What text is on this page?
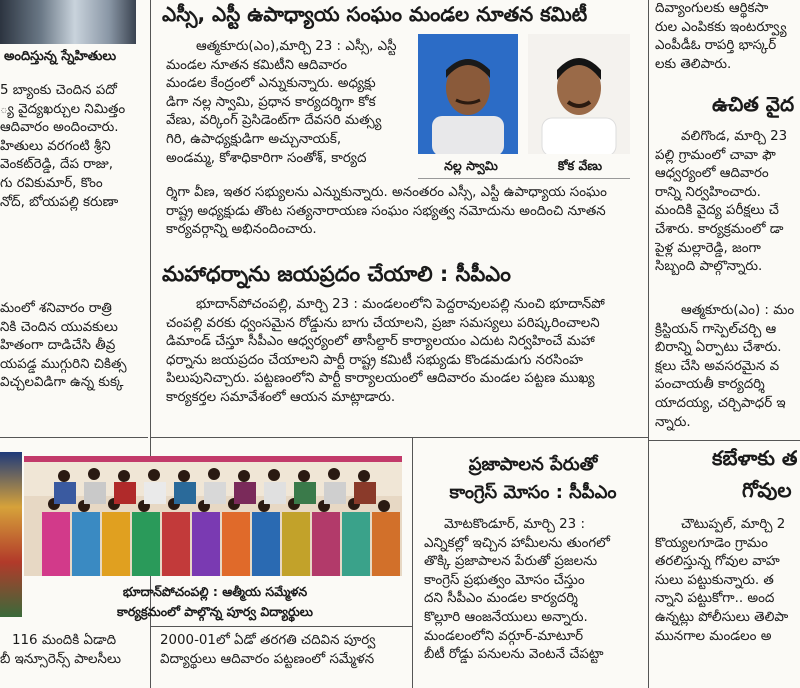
అందిస్తున్న స్నేహితులు

5 బ్యాంకు చెందిన పదో

్య వైద్యఖర్చుల నిమిత్తం

ఆదివారం అందించారు.

హితులు వరగంటి శ్రీని

వెంకట్‌రెడ్డి, దేప రాజు,

గు రవికుమార్, కొంం

నోద్, బోయపల్లి కరుణా

మంలో శనివారం రాత్రి

నికి చెందిన యువకులు

హితంగా దాడిచేసి తీవ్ర

యపడ్డ ముగ్గురిని చికిత్స

విచ్చలవిడిగా ఉన్న కుక్క

116 మందికి ఏడాది

బీ ఇన్సూరెన్స్ పాలసీలు

ఎస్సీ, ఎస్టీ ఉపాధ్యాయ సంఘం మండల నూతన కమిటీ

ఆత్మకూరు(ఎం),మార్చి 23 : ఎస్సీ, ఎస్టీ

మండల నూతన కమిటీని ఆదివారం

మండల కేంద్రంలో ఎన్నుకున్నారు. అధ్యక్షు

డిగా నల్ల స్వామి, ప్రధాన కార్యదర్శిగా కోక

వేణు, వర్కింగ్ ప్రెసిడెంట్‌గా దేవసరి మత్స్య

గిరి, ఉపాధ్యక్షుడిగా అచ్చునాయక్,

అండమ్మ, కోశాధికారిగా సంతోశ్, కార్యద	నల్ల స్వామి	కోక వేణు

ర్శిగా వీణ, ఇతర సభ్యులను ఎన్నుకున్నారు. అనంతరం ఎస్సీ, ఎస్టీ ఉపాధ్యాయ సంఘం

రాష్ట్ర అధ్యక్షుడు తొంట సత్యనారాయణ సంఘం సభ్యత్వ నమోదును అందించి నూతన

కార్యవర్గాన్ని అభినందించారు.

మహాధర్నాను జయప్రదం చేయాలి : సీపీఎం

భూదాన్‌పోచంపల్లి, మార్చి 23 : మండలంలోని పెద్దరావులపల్లి నుంచి భూదాన్‌పో

చంపల్లి వరకు ధ్వంసమైన రోడ్డును బాగు చేయాలని, ప్రజా సమస్యలు పరిష్కరించాలని

డిమాండ్ చేస్తూ సీపీఎం ఆధ్వర్యంలో తాసీల్దార్ కార్యాలయం ఎదుట నిర్వహించే మహా

ధర్నాను జయప్రదం చేయాలని పార్టీ రాష్ట్ర కమిటీ సభ్యుడు కొండమడుగు నరసింహ

పిలుపునిచ్చారు. పట్టణంలోని పార్టీ కార్యాలయంలో ఆదివారం మండల పట్టణ ముఖ్య

కార్యకర్తల సమావేశంలో ఆయన మాట్లాడారు.

భూదాన్‌పోచంపల్లి : ఆత్మీయ సమ్మేళన
కార్యక్రమంలో పాల్గొన్న పూర్వ విద్యార్థులు

2000-01లో ఏడో తరగతి చదివిన పూర్వ

విద్యార్థులు ఆదివారం పట్టణంలో సమ్మేళన

ప్రజాపాలన పేరుతో
కాంగ్రెస్ మోసం : సీపీఎం

మోటకొండూర్, మార్చి 23 :

ఎన్నికల్లో ఇచ్చిన హామీలను తుంగలో

తొక్కి ప్రజాపాలన పేరుతో ప్రజలను

కాంగ్రెస్ ప్రభుత్వం మోసం చేస్తుం

దని సీపీఎం మండల కార్యదర్శి

కొల్లూరి ఆంజనేయులు అన్నారు.

మండలంలోని వర్గూర్-మాటూర్

బీటీ రోడ్డు పనులను వెంటనే చేపట్టా

దివ్యాంగులకు ఆర్థికసా

రుల ఎంపికకు ఇంటర్వ్యూ

ఎంపీడీఓ రాపర్తి భాస్కర్

లకు తెలిపారు.

ఉచిత వైద

వలిగొండ, మార్చి 23

పల్లి గ్రామంలో చావా ఫౌ

ఆధ్వర్యంలో ఆదివారం

రాన్ని నిర్వహించారు.

మందికి వైద్య పరీక్షలు చే

చేశారు. కార్యక్రమంలో డా

పైళ్ల మల్లారెడ్డి, జంగా

సిబ్బంది పాల్గొన్నారు.

ఆత్మకూరు(ఎం) : మం

క్రిస్టియన్ గాస్పెల్‌చర్చి ఆ

బిరాన్ని ఏర్పాటు చేశారు.

క్షలు చేసి అవసరమైన వ

పంచాయతీ కార్యదర్శి

యాదయ్య, చర్చిపాధర్ ఇ

న్నారు.

కబేళాకు త
గోవుల

చౌటుప్పల్, మార్చి 2

కొయ్యలగూడెం గ్రామం

తరలిస్తున్న గోవుల వాహ

సులు పట్టుకున్నారు. త

న్నాని పట్టుకోగా.. అంద

ఉన్నట్లు పోలీసులు తెలిపా

మునగాల మండలం అ
